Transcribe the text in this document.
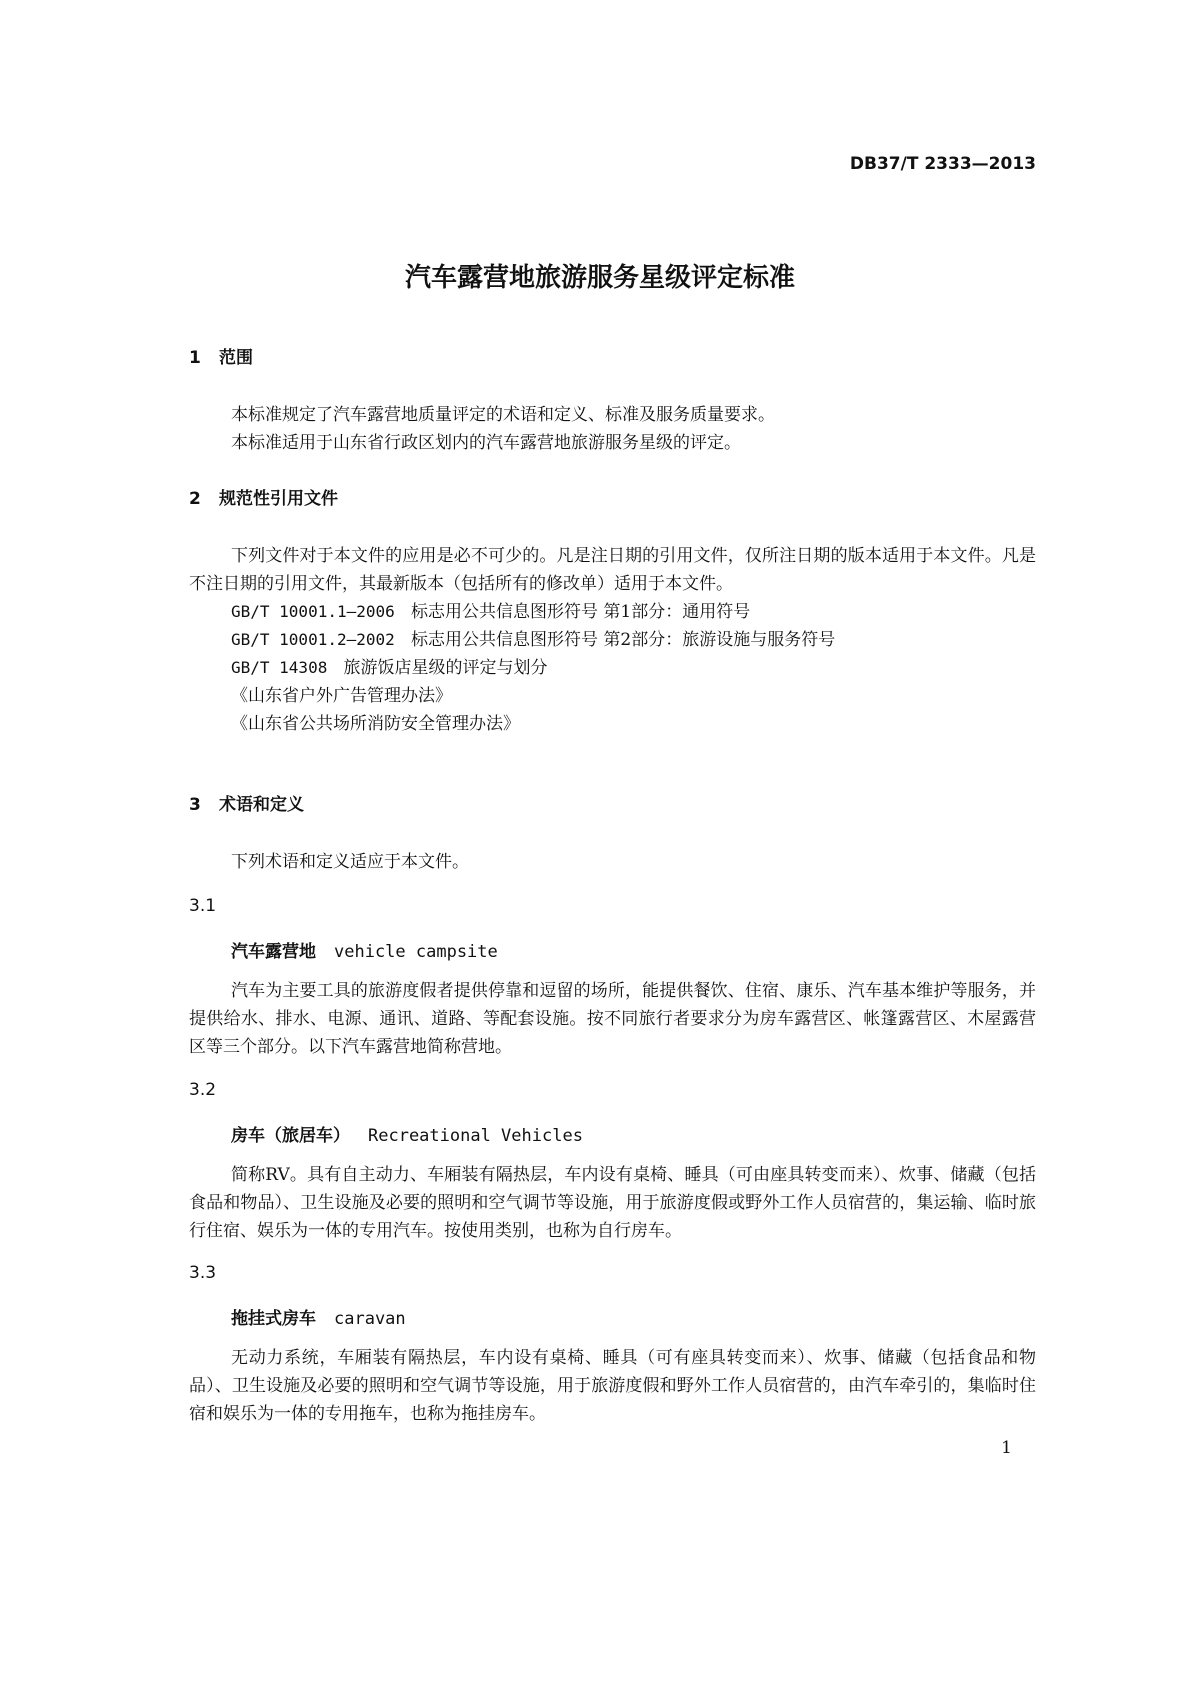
DB37/T 2333—2013
汽车露营地旅游服务星级评定标准
1 范围
本标准规定了汽车露营地质量评定的术语和定义、标准及服务质量要求。
本标准适用于山东省行政区划内的汽车露营地旅游服务星级的评定。
2 规范性引用文件
下列文件对于本文件的应用是必不可少的。凡是注日期的引用文件，仅所注日期的版本适用于本文件。凡是不注日期的引用文件，其最新版本（包括所有的修改单）适用于本文件。
GB/T 10001.1—2006 标志用公共信息图形符号 第1部分：通用符号
GB/T 10001.2—2002 标志用公共信息图形符号 第2部分：旅游设施与服务符号
GB/T 14308 旅游饭店星级的评定与划分
《山东省户外广告管理办法》
《山东省公共场所消防安全管理办法》
3 术语和定义
下列术语和定义适应于本文件。
3.1
汽车露营地 vehicle campsite
汽车为主要工具的旅游度假者提供停靠和逗留的场所，能提供餐饮、住宿、康乐、汽车基本维护等服务，并提供给水、排水、电源、通讯、道路、等配套设施。按不同旅行者要求分为房车露营区、帐篷露营区、木屋露营区等三个部分。以下汽车露营地简称营地。
3.2
房车（旅居车） Recreational Vehicles
简称RV。具有自主动力、车厢装有隔热层，车内设有桌椅、睡具（可由座具转变而来）、炊事、储藏（包括食品和物品）、卫生设施及必要的照明和空气调节等设施，用于旅游度假或野外工作人员宿营的，集运输、临时旅行住宿、娱乐为一体的专用汽车。按使用类别，也称为自行房车。
3.3
拖挂式房车 caravan
无动力系统，车厢装有隔热层，车内设有桌椅、睡具（可有座具转变而来）、炊事、储藏（包括食品和物品）、卫生设施及必要的照明和空气调节等设施，用于旅游度假和野外工作人员宿营的，由汽车牵引的，集临时住宿和娱乐为一体的专用拖车，也称为拖挂房车。
1
